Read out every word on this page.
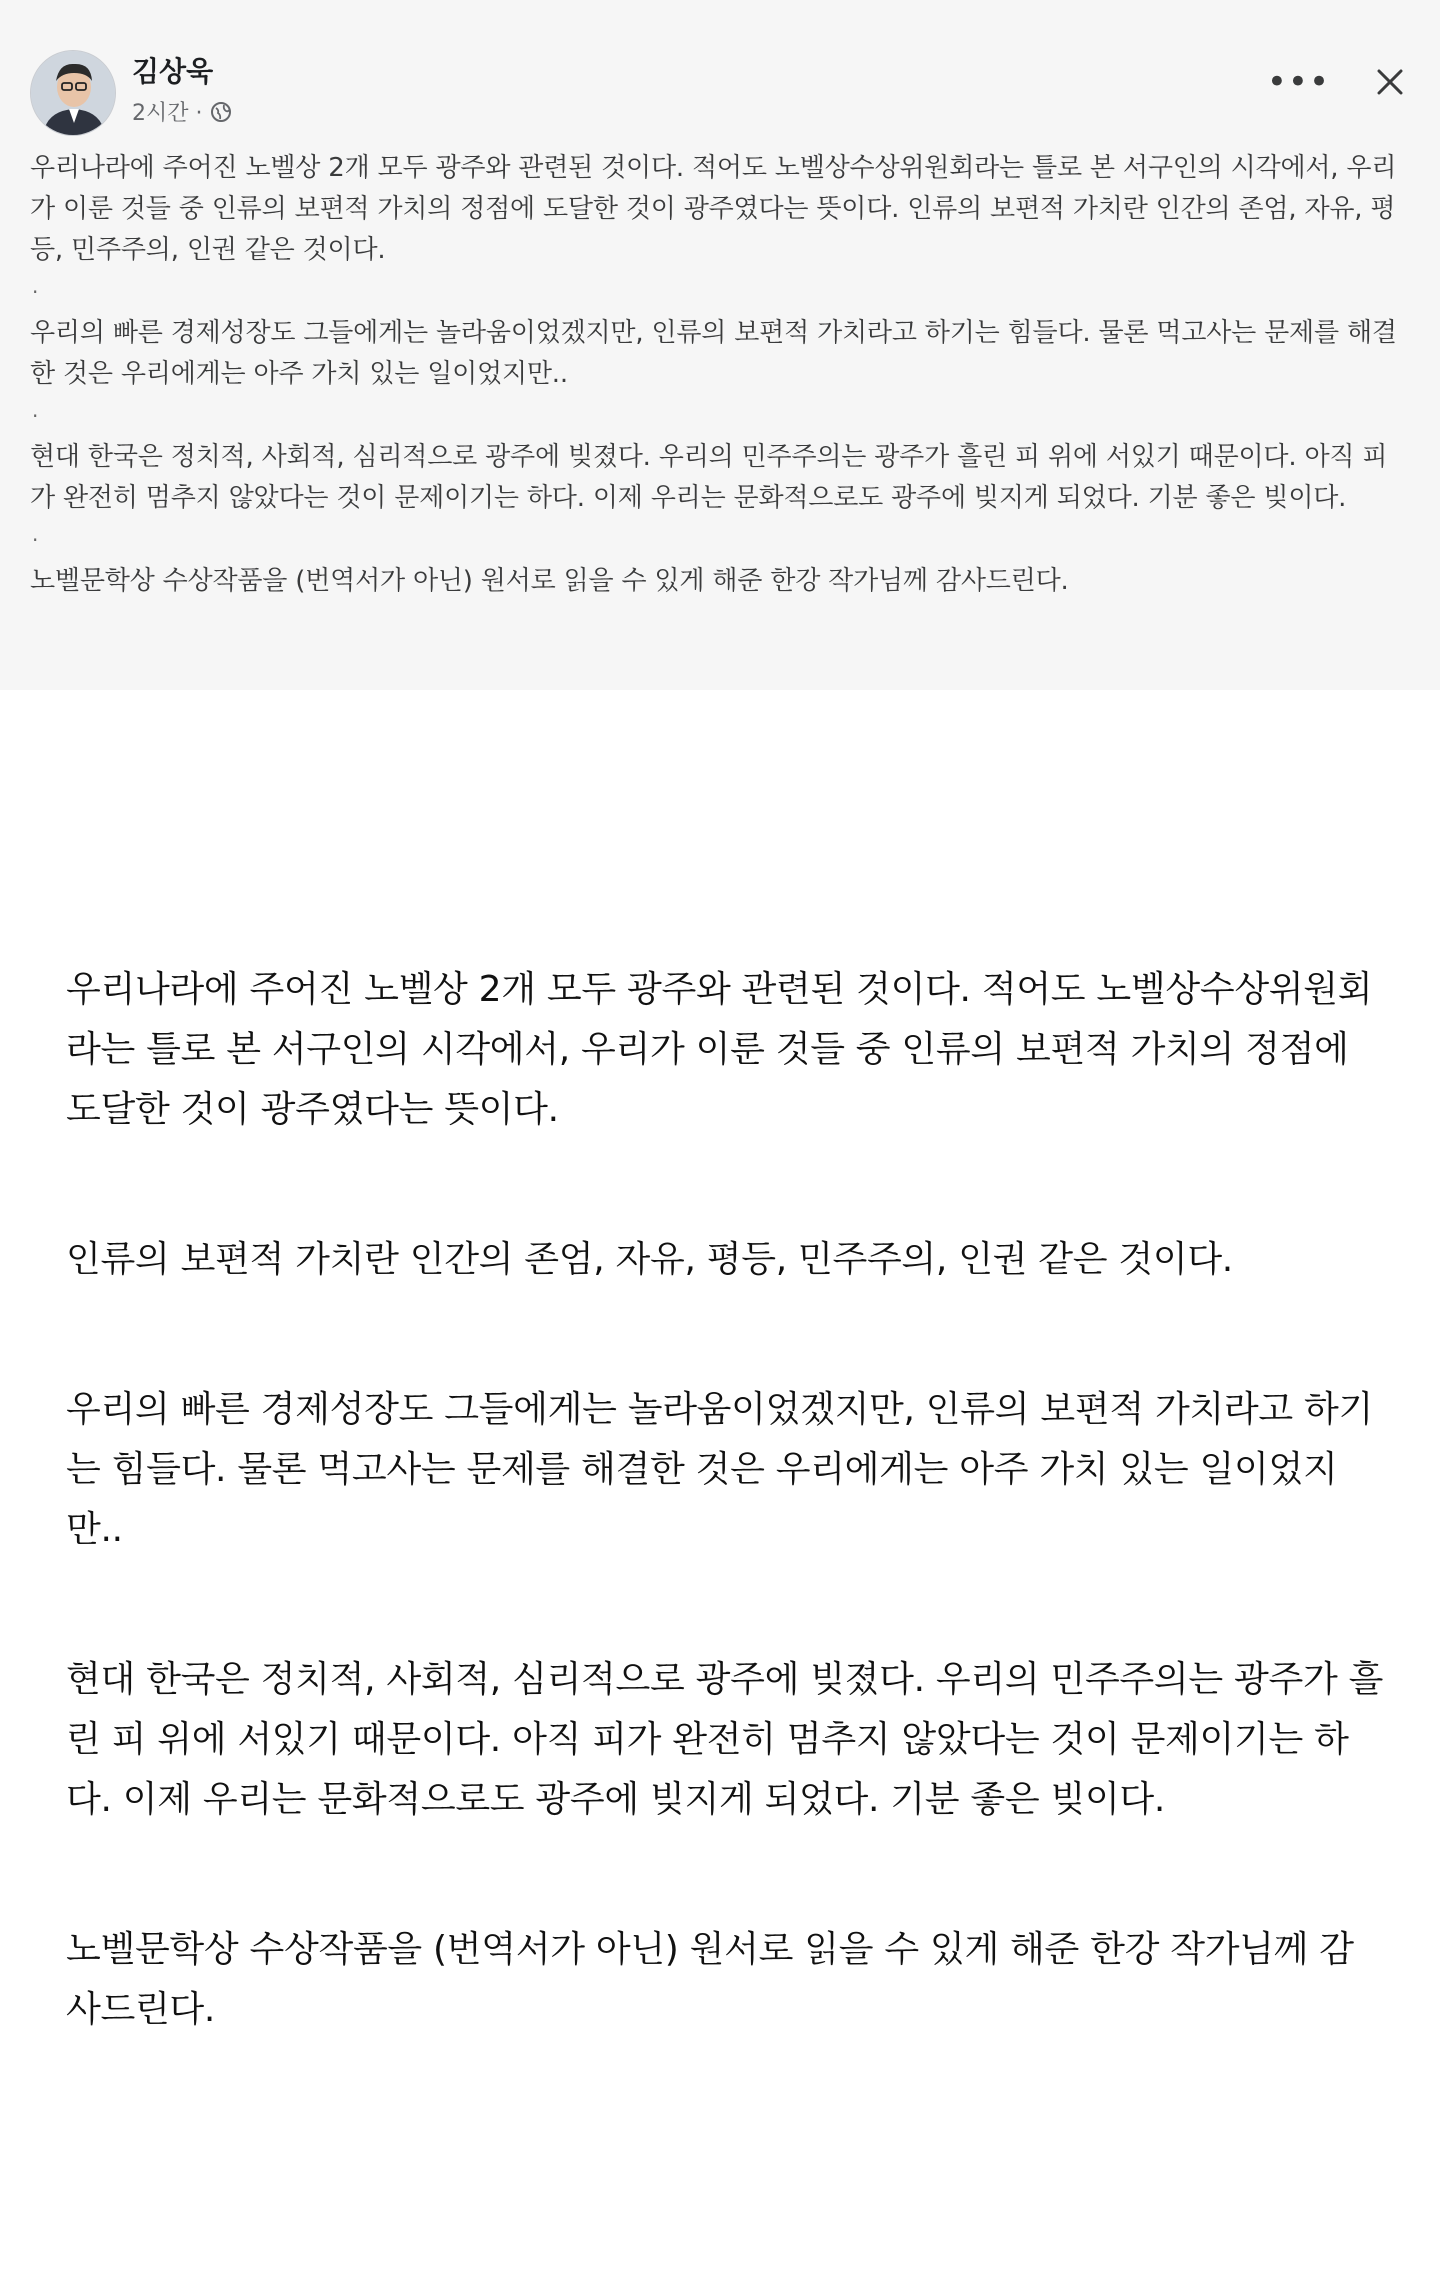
김상욱
2시간 ·
•••

우리나라에 주어진 노벨상 2개 모두 광주와 관련된 것이다. 적어도 노벨상수상위원회라는 틀로 본 서구인의 시각에서, 우리가 이룬 것들 중 인류의 보편적 가치의 정점에 도달한 것이 광주였다는 뜻이다. 인류의 보편적 가치란 인간의 존엄, 자유, 평등, 민주주의, 인권 같은 것이다.

.

우리의 빠른 경제성장도 그들에게는 놀라움이었겠지만, 인류의 보편적 가치라고 하기는 힘들다. 물론 먹고사는 문제를 해결한 것은 우리에게는 아주 가치 있는 일이었지만..

.

현대 한국은 정치적, 사회적, 심리적으로 광주에 빚졌다. 우리의 민주주의는 광주가 흘린 피 위에 서있기 때문이다. 아직 피가 완전히 멈추지 않았다는 것이 문제이기는 하다. 이제 우리는 문화적으로도 광주에 빚지게 되었다. 기분 좋은 빚이다.

.

노벨문학상 수상작품을 (번역서가 아닌) 원서로 읽을 수 있게 해준 한강 작가님께 감사드린다.

우리나라에 주어진 노벨상 2개 모두 광주와 관련된 것이다. 적어도 노벨상수상위원회라는 틀로 본 서구인의 시각에서, 우리가 이룬 것들 중 인류의 보편적 가치의 정점에 도달한 것이 광주였다는 뜻이다.

인류의 보편적 가치란 인간의 존엄, 자유, 평등, 민주주의, 인권 같은 것이다.

우리의 빠른 경제성장도 그들에게는 놀라움이었겠지만, 인류의 보편적 가치라고 하기는 힘들다. 물론 먹고사는 문제를 해결한 것은 우리에게는 아주 가치 있는 일이었지만..

현대 한국은 정치적, 사회적, 심리적으로 광주에 빚졌다. 우리의 민주주의는 광주가 흘린 피 위에 서있기 때문이다. 아직 피가 완전히 멈추지 않았다는 것이 문제이기는 하다. 이제 우리는 문화적으로도 광주에 빚지게 되었다. 기분 좋은 빚이다.

노벨문학상 수상작품을 (번역서가 아닌) 원서로 읽을 수 있게 해준 한강 작가님께 감사드린다.
